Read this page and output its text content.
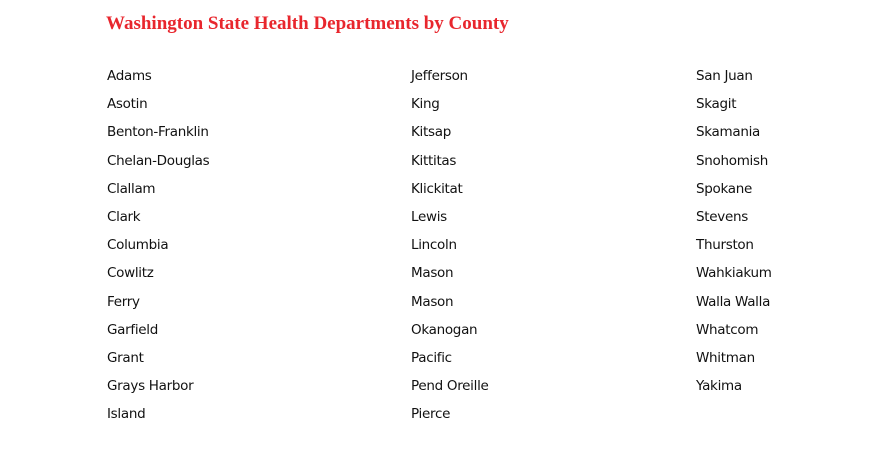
Washington State Health Departments by County
Adams
Asotin
Benton-Franklin
Chelan-Douglas
Clallam
Clark
Columbia
Cowlitz
Ferry
Garfield
Grant
Grays Harbor
Island
Jefferson
King
Kitsap
Kittitas
Klickitat
Lewis
Lincoln
Mason
Mason
Okanogan
Pacific
Pend Oreille
Pierce
San Juan
Skagit
Skamania
Snohomish
Spokane
Stevens
Thurston
Wahkiakum
Walla Walla
Whatcom
Whitman
Yakima
